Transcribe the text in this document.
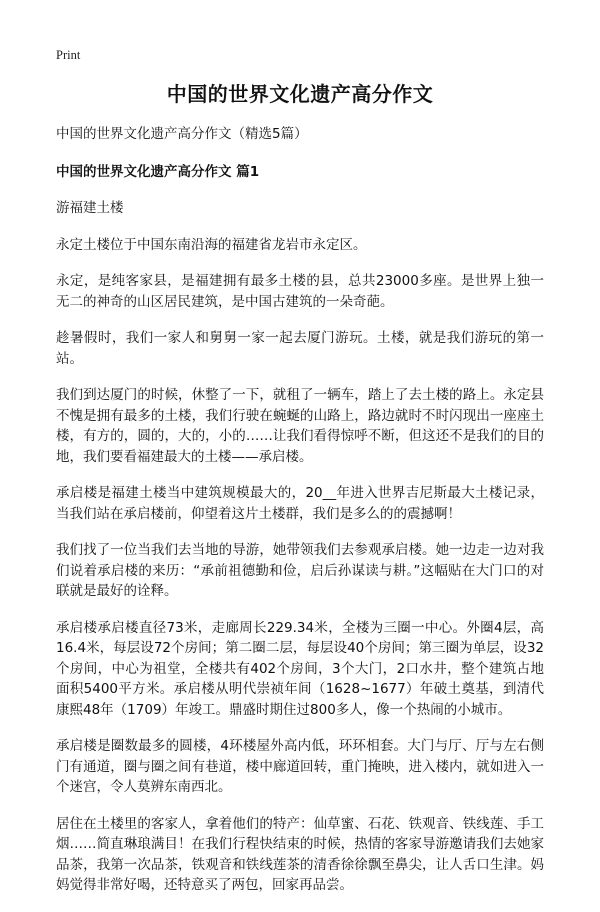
Print
中国的世界文化遗产高分作文

中国的世界文化遗产高分作文（精选5篇）

中国的世界文化遗产高分作文 篇1

游福建土楼

永定土楼位于中国东南沿海的福建省龙岩市永定区。

永定，是纯客家县，是福建拥有最多土楼的县，总共23000多座。是世界上独一无二的神奇的山区居民建筑，是中国古建筑的一朵奇葩。

趁暑假时，我们一家人和舅舅一家一起去厦门游玩。土楼，就是我们游玩的第一站。

我们到达厦门的时候，休整了一下，就租了一辆车，踏上了去土楼的路上。永定县不愧是拥有最多的土楼，我们行驶在蜿蜒的山路上，路边就时不时闪现出一座座土楼，有方的，圆的，大的，小的……让我们看得惊呼不断，但这还不是我们的目的地，我们要看福建最大的土楼——承启楼。

承启楼是福建土楼当中建筑规模最大的，20__年进入世界吉尼斯最大土楼记录，当我们站在承启楼前，仰望着这片土楼群，我们是多么的的震撼啊！

我们找了一位当我们去当地的导游，她带领我们去参观承启楼。她一边走一边对我们说着承启楼的来历：“承前祖德勤和俭，启后孙谋读与耕。”这幅贴在大门口的对联就是最好的诠释。

承启楼承启楼直径73米，走廊周长229.34米，全楼为三圈一中心。外圈4层，高16.4米，每层设72个房间；第二圈二层，每层设40个房间；第三圈为单层，设32个房间，中心为祖堂，全楼共有402个房间，3个大门，2口水井，整个建筑占地面积5400平方米。承启楼从明代崇祯年间（1628~1677）年破土奠基，到清代康熙48年（1709）年竣工。鼎盛时期住过800多人，像一个热闹的小城市。

承启楼是圈数最多的圆楼，4环楼屋外高内低，环环相套。大门与厅、厅与左右侧门有通道，圈与圈之间有巷道，楼中廊道回转，重门掩映，进入楼内，就如进入一个迷宫，令人莫辨东南西北。

居住在土楼里的客家人，拿着他们的特产：仙草蜜、石花、铁观音、铁线莲、手工烟……简直琳琅满目！在我们行程快结束的时候，热情的客家导游邀请我们去她家品茶，我第一次品茶，铁观音和铁线莲茶的清香徐徐飘至鼻尖，让人舌口生津。妈妈觉得非常好喝，还特意买了两包，回家再品尝。
